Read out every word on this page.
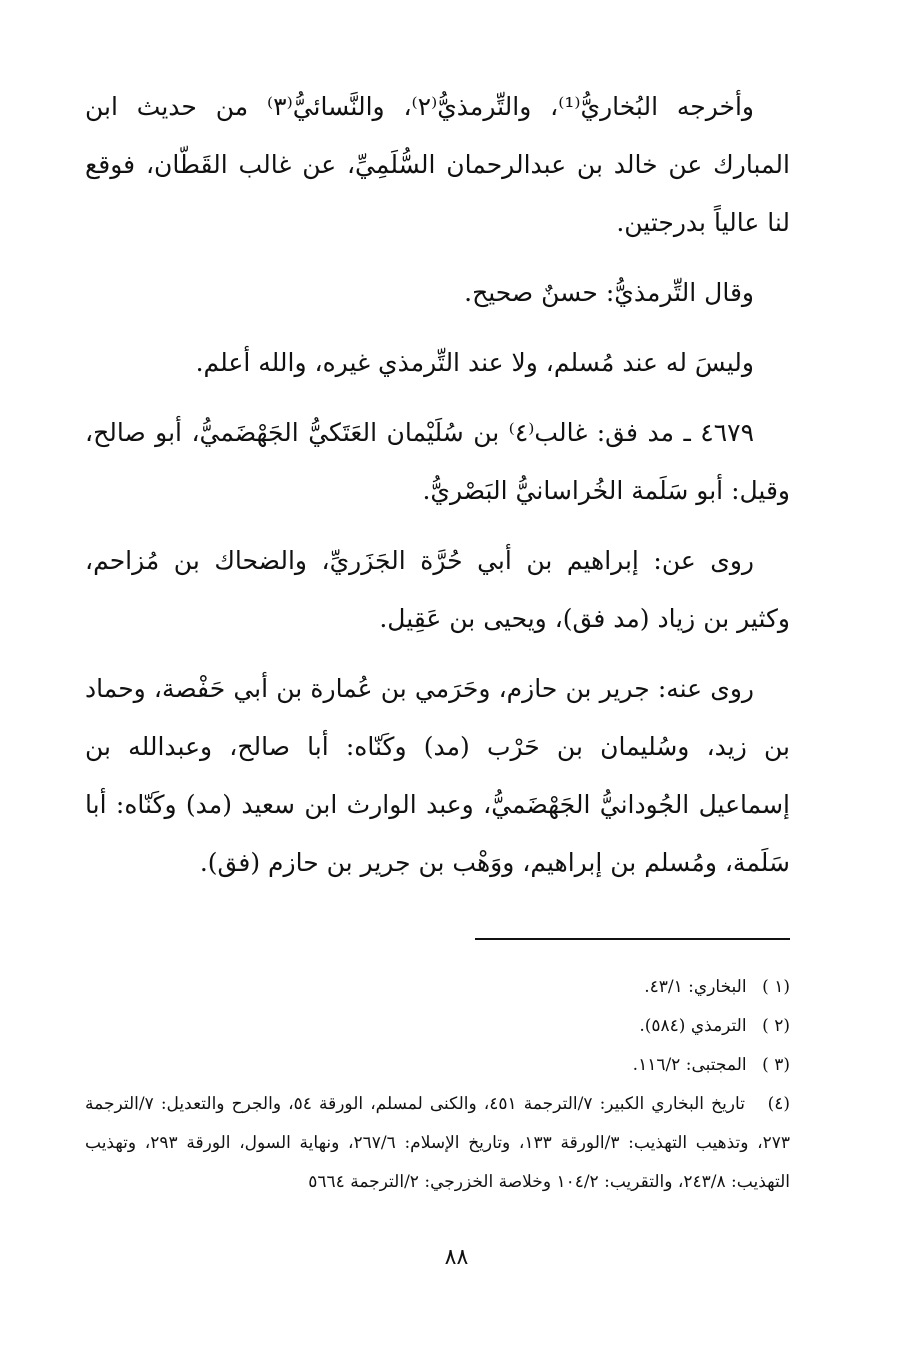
وأخرجه البُخاريُّ⁽¹⁾، والتِّرمذيُّ⁽٢⁾، والنَّسائيُّ⁽٣⁾ من حديث ابن المبارك عن خالد بن عبدالرحمان السُّلَمِيِّ، عن غالب القَطّان، فوقع لنا عالياً بدرجتين.

وقال التِّرمذيُّ: حسنٌ صحيح.

وليسَ له عند مُسلم، ولا عند التِّرمذي غيره، والله أعلم.

٤٦٧٩ ـ مد فق: غالب⁽٤⁾ بن سُلَيْمان العَتَكيُّ الجَهْضَميُّ، أبو صالح، وقيل: أبو سَلَمة الخُراسانيُّ البَصْريُّ.

روى عن: إبراهيم بن أبي حُرَّة الجَزَريِّ، والضحاك بن مُزاحم، وكثير بن زياد (مد فق)، ويحيى بن عَقِيل.

روى عنه: جرير بن حازم، وحَرَمي بن عُمارة بن أبي حَفْصة، وحماد بن زيد، وسُليمان بن حَرْب (مد) وكَنّاه: أبا صالح، وعبدالله بن إسماعيل الجُودانيُّ الجَهْضَميُّ، وعبد الوارث ابن سعيد (مد) وكَنّاه: أبا سَلَمة، ومُسلم بن إبراهيم، ووَهْب بن جرير بن حازم (فق).

(١ ) البخاري: ٤٣/١.

(٢ ) الترمذي (٥٨٤).

(٣ ) المجتبى: ١١٦/٢.

(٤) تاريخ البخاري الكبير: ٧/الترجمة ٤٥١، والكنى لمسلم، الورقة ٥٤، والجرح والتعديل: ٧/الترجمة ٢٧٣، وتذهيب التهذيب: ٣/الورقة ١٣٣، وتاريخ الإسلام: ٢٦٧/٦، ونهاية السول، الورقة ٢٩٣، وتهذيب التهذيب: ٢٤٣/٨، والتقريب: ١٠٤/٢ وخلاصة الخزرجي: ٢/الترجمة ٥٦٦٤

٨٨
